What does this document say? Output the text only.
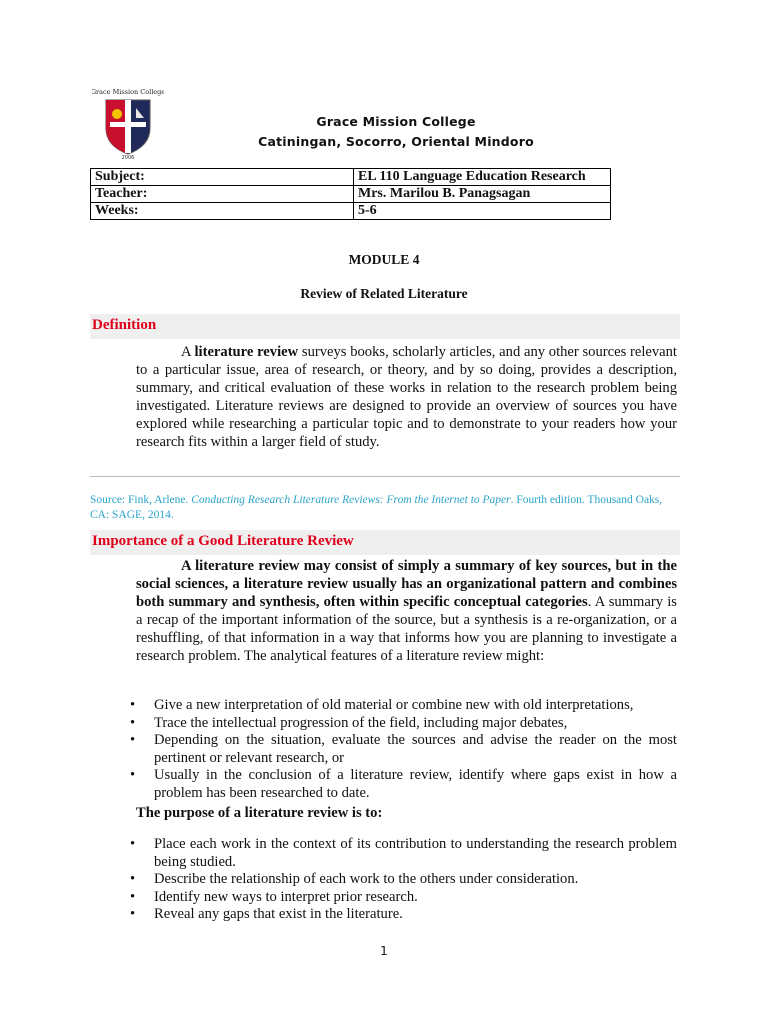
Grace Mission College
2006
Grace Mission College
Catiningan, Socorro, Oriental Mindoro
Subject:	EL 110 Language Education Research
Teacher:	Mrs. Marilou B. Panagsagan
Weeks:	5-6
MODULE 4
Review of Related Literature
Definition
A literature review surveys books, scholarly articles, and any other sources relevant to a particular issue, area of research, or theory, and by so doing, provides a description, summary, and critical evaluation of these works in relation to the research problem being investigated. Literature reviews are designed to provide an overview of sources you have explored while researching a particular topic and to demonstrate to your readers how your research fits within a larger field of study.
Source: Fink, Arlene. Conducting Research Literature Reviews: From the Internet to Paper. Fourth edition. Thousand Oaks, CA: SAGE, 2014.
Importance of a Good Literature Review
A literature review may consist of simply a summary of key sources, but in the social sciences, a literature review usually has an organizational pattern and combines both summary and synthesis, often within specific conceptual categories. A summary is a recap of the important information of the source, but a synthesis is a re-organization, or a reshuffling, of that information in a way that informs how you are planning to investigate a research problem. The analytical features of a literature review might:
• Give a new interpretation of old material or combine new with old interpretations,
• Trace the intellectual progression of the field, including major debates,
• Depending on the situation, evaluate the sources and advise the reader on the most pertinent or relevant research, or
• Usually in the conclusion of a literature review, identify where gaps exist in how a problem has been researched to date.
The purpose of a literature review is to:
• Place each work in the context of its contribution to understanding the research problem being studied.
• Describe the relationship of each work to the others under consideration.
• Identify new ways to interpret prior research.
• Reveal any gaps that exist in the literature.
1
